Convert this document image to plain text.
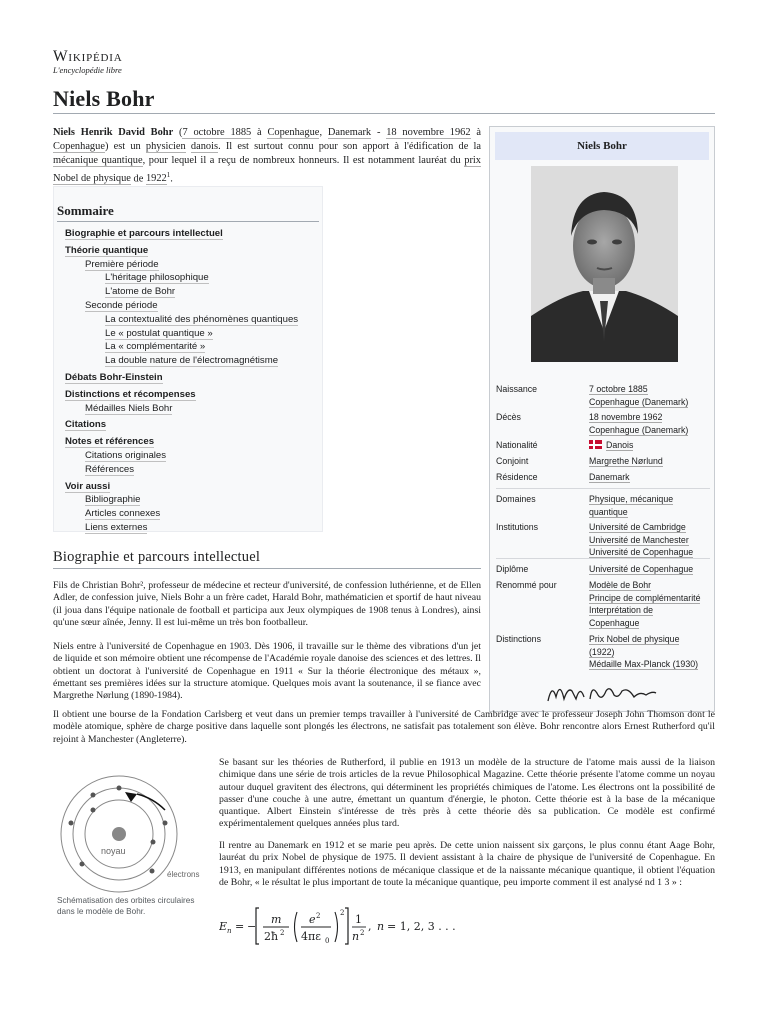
Wikipédia
L'encyclopédie libre
Niels Bohr
Niels Henrik David Bohr (7 octobre 1885 à Copenhague, Danemark - 18 novembre 1962 à Copenhague) est un physicien danois. Il est surtout connu pour son apport à l'édification de la mécanique quantique, pour lequel il a reçu de nombreux honneurs. Il est notamment lauréat du prix Nobel de physique de 1922$^1$.
Niels Bohr
Naissance	7 octobre 1885
Copenhague (Danemark)
Décès	18 novembre 1962
Copenhague (Danemark)
Nationalité	Danois
Conjoint	Margrethe Nørlund
Résidence	Danemark
Domaines	Physique, mécanique
quantique
Institutions	Université de Cambridge
Université de Manchester
Université de Copenhague
Diplôme	Université de Copenhague
Renommé pour	Modèle de Bohr
Principe de complémentarité
Interprétation de
Copenhague
Distinctions	Prix Nobel de physique
(1922)
Médaille Max-Planck (1930)
Sommaire
Biographie et parcours intellectuel
Théorie quantique
Première période
L'héritage philosophique
L'atome de Bohr
Seconde période
La contextualité des phénomènes quantiques
Le « postulat quantique »
La « complémentarité »
La double nature de l'électromagnétisme
Débats Bohr-Einstein
Distinctions et récompenses
Médailles Niels Bohr
Citations
Notes et références
Citations originales
Références
Voir aussi
Bibliographie
Articles connexes
Liens externes
Biographie et parcours intellectuel
Fils de Christian Bohr², professeur de médecine et recteur d'université, de confession luthérienne, et de Ellen Adler, de confession juive, Niels Bohr a un frère cadet, Harald Bohr, mathématicien et sportif de haut niveau (il joua dans l'équipe nationale de football et participa aux Jeux olympiques de 1908 tenus à Londres), ainsi qu'une sœur aînée, Jenny. Il est lui-même un très bon footballeur.
Niels entre à l'université de Copenhague en 1903. Dès 1906, il travaille sur le thème des vibrations d'un jet de liquide et son mémoire obtient une récompense de l'Académie royale danoise des sciences et des lettres. Il obtient un doctorat à l'université de Copenhague en 1911 « Sur la théorie électronique des métaux », émettant ses premières idées sur la structure atomique. Quelques mois avant la soutenance, il se fiance avec Margrethe Nørlung (1890-1984).
Il obtient une bourse de la Fondation Carlsberg et veut dans un premier temps travailler à l'université de Cambridge avec le professeur Joseph John Thomson dont le modèle atomique, sphère de charge positive dans laquelle sont plongés les électrons, ne satisfait pas totalement son élève. Bohr rencontre alors Ernest Rutherford qu'il rejoint à Manchester (Angleterre).
noyau
électrons
Schématisation des orbites circulaires dans le modèle de Bohr.
Se basant sur les théories de Rutherford, il publie en 1913 un modèle de la structure de l'atome mais aussi de la liaison chimique dans une série de trois articles de la revue Philosophical Magazine. Cette théorie présente l'atome comme un noyau autour duquel gravitent des électrons, qui déterminent les propriétés chimiques de l'atome. Les électrons ont la possibilité de passer d'une couche à une autre, émettant un quantum d'énergie, le photon. Cette théorie est à la base de la mécanique quantique. Albert Einstein s'intéresse de très près à cette théorie dès sa publication. Ce modèle est confirmé expérimentalement quelques années plus tard.
Il rentre au Danemark en 1912 et se marie peu après. De cette union naissent six garçons, le plus connu étant Aage Bohr, lauréat du prix Nobel de physique de 1975. Il devient assistant à la chaire de physique de l'université de Copenhague. En 1913, en manipulant différentes notions de mécanique classique et de la naissante mécanique quantique, il obtient l'équation de Bohr, « le résultat le plus important de toute la mécanique quantique, peu importe comment il est analysé nd 1 3 » :
E n = −
m
2ħ 2
e 2
4πε 0
2 1
n 2 , n = 1, 2, 3 . . .
